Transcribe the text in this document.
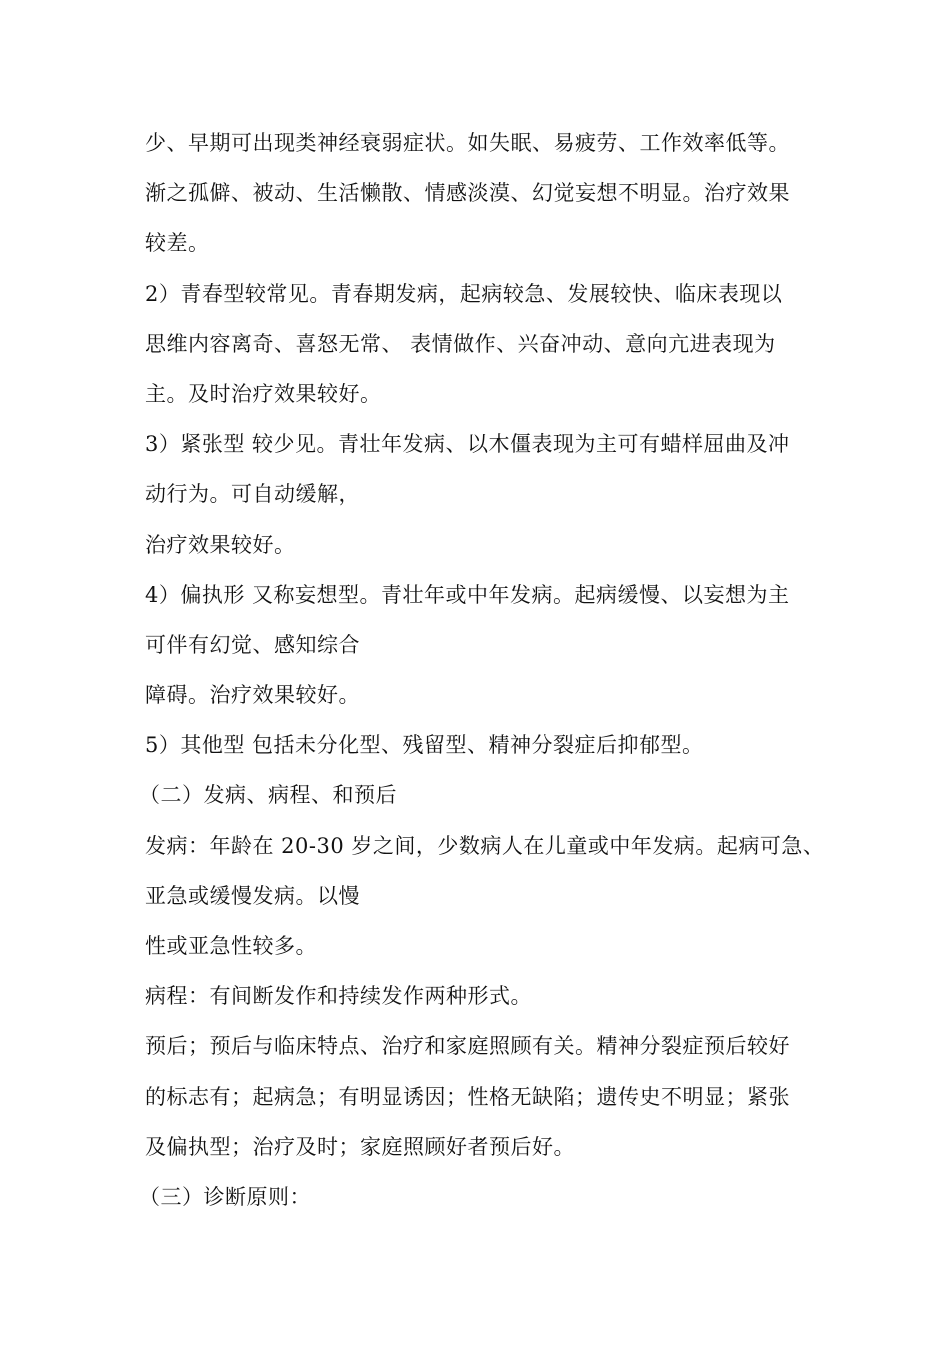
少、早期可出现类神经衰弱症状。如失眠、易疲劳、工作效率低等。
渐之孤僻、被动、生活懒散、情感淡漠、幻觉妄想不明显。治疗效果
较差。
2）青春型较常见。青春期发病，起病较急、发展较快、临床表现以
思维内容离奇、喜怒无常、 表情做作、兴奋冲动、意向亢进表现为
主。及时治疗效果较好。
3）紧张型 较少见。青壮年发病、以木僵表现为主可有蜡样屈曲及冲
动行为。可自动缓解，
治疗效果较好。
4）偏执形 又称妄想型。青壮年或中年发病。起病缓慢、以妄想为主
可伴有幻觉、感知综合
障碍。治疗效果较好。
5）其他型 包括未分化型、残留型、精神分裂症后抑郁型。
（二）发病、病程、和预后
发病：年龄在 20-30 岁之间，少数病人在儿童或中年发病。起病可急、
亚急或缓慢发病。以慢
性或亚急性较多。
病程：有间断发作和持续发作两种形式。
预后；预后与临床特点、治疗和家庭照顾有关。精神分裂症预后较好
的标志有；起病急；有明显诱因；性格无缺陷；遗传史不明显；紧张
及偏执型；治疗及时；家庭照顾好者预后好。
（三）诊断原则：
